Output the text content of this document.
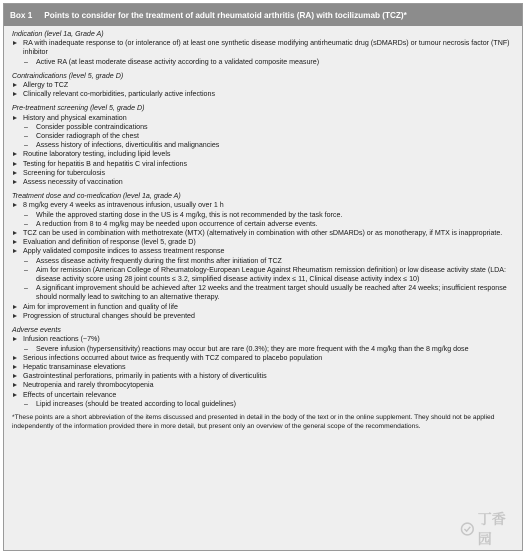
Box 1 Points to consider for the treatment of adult rheumatoid arthritis (RA) with tocilizumab (TCZ)*
Indication (level 1a, Grade A)
RA with inadequate response to (or intolerance of) at least one synthetic disease modifying antirheumatic drug (sDMARDs) or tumour necrosis factor (TNF) inhibitor
– Active RA (at least moderate disease activity according to a validated composite measure)
Contraindications (level 5, grade D)
Allergy to TCZ
Clinically relevant co-morbidities, particularly active infections
Pre-treatment screening (level 5, grade D)
History and physical examination
– Consider possible contraindications
– Consider radiograph of the chest
– Assess history of infections, diverticulitis and malignancies
Routine laboratory testing, including lipid levels
Testing for hepatitis B and hepatitis C viral infections
Screening for tuberculosis
Assess necessity of vaccination
Treatment dose and co-medication (level 1a, grade A)
8 mg/kg every 4 weeks as intravenous infusion, usually over 1 h
– While the approved starting dose in the US is 4 mg/kg, this is not recommended by the task force.
– A reduction from 8 to 4 mg/kg may be needed upon occurrence of certain adverse events.
TCZ can be used in combination with methotrexate (MTX) (alternatively in combination with other sDMARDs) or as monotherapy, if MTX is inappropriate.
Evaluation and definition of response (level 5, grade D)
Apply validated composite indices to assess treatment response
– Assess disease activity frequently during the first months after initiation of TCZ
– Aim for remission (American College of Rheumatology-European League Against Rheumatism remission definition) or low disease activity state (LDA: disease activity score using 28 joint counts ≤ 3.2, simplified disease activity index ≤ 11, Clinical disease activity index ≤ 10)
– A significant improvement should be achieved after 12 weeks and the treatment target should usually be reached after 24 weeks; insufficient response should normally lead to switching to an alternative therapy.
Aim for improvement in function and quality of life
Progression of structural changes should be prevented
Adverse events
Infusion reactions (~7%)
– Severe infusion (hypersensitivity) reactions may occur but are rare (0.3%); they are more frequent with the 4 mg/kg than the 8 mg/kg dose
Serious infections occurred about twice as frequently with TCZ compared to placebo population
Hepatic transaminase elevations
Gastrointestinal perforations, primarily in patients with a history of diverticulitis
Neutropenia and rarely thrombocytopenia
Effects of uncertain relevance
– Lipid increases (should be treated according to local guidelines)
*These points are a short abbreviation of the items discussed and presented in detail in the body of the text or in the online supplement. They should not be applied independently of the information provided there in more detail, but present only an overview of the general scope of the recommendations.
丁香园
